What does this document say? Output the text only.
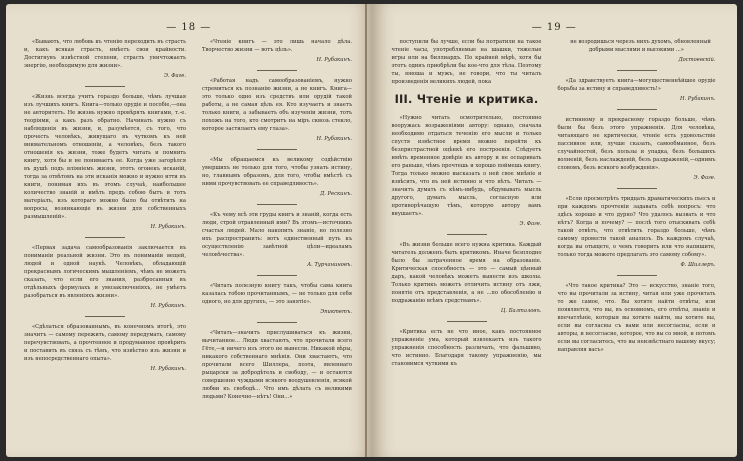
— 18 —

«Бывають, что любовь къ чтенію переходить въ страсть и, какъ всякая страсть, имѣетъ свои крайности. Достигнувъ извѣстной степени, страсть уничтожаетъ энергію, необходимую для жизни».

Э. Фаге.

«Жизнь всегда учитъ гораздо больше, чѣмъ лучшая изъ лучшихъ книгъ. Книга—только орудіе и пособіе,—она не авторитетъ. Не жизнь нужно провѣрять книгами, т.-е. теоріями, а какъ разъ обратно. Начинать нужно съ наблюденія въ жизни, и, разумѣется, съ того, что прочесть человѣкъ, живущаго въ чуткомъ къ ней внимательномъ отношеніи, а человѣкъ, безъ такого отношенія къ жизни, тоже будетъ читать и помнить книгу, хотя бы и не понимаетъ ее. Когда уже загорѣлся въ душѣ подъ вліяніемъ жизни, этотъ огонекъ исканій, тогда за отвѣтомъ на эти исканія можно и нужно итти въ книги, понимая ихъ въ этомъ случаѣ, наибольшее количество знаній и имѣть предъ собою бытъ и тотъ матеріалъ, изъ котораго можно было бы отвѣтить на вопросы, возникающіе въ жизни для собственныхъ размышленій».

Н. Рубакинъ.

«Первая задача самообразованія заключается въ пониманіи реальной жизни. Это въ пониманіи вещей, людей и одной наукѣ. Человѣкъ, обладающій прекраснымъ логическимъ мышленіемъ, чѣмъ не можетъ сказать, что если его знания, разбросанныя въ отдѣльныхъ формулахъ и умозаключеніяхъ, не умѣетъ разобраться въ явленіяхъ жизни».

Н. Рубакинъ.

«Сдѣлаться образованнымъ, въ конечномъ итогѣ, это значитъ — самому пережить, самому передумать, самому перечувствовать, а прочтенное и продуманное провѣрить и поставить въ связь съ тѣмъ, что извѣстно изъ жизни и изъ непосредственнаго опыта».

Н. Рубакинъ.

«Чтеніе книгъ — это лишь начало дѣла. Творчество жизни — вотъ цѣль».

Н. Рубакинъ.

«Работая надъ самообразованіемъ, нужно стремиться къ познанію жизни, а не книгъ. Книга—это только одно изъ средствъ или орудій такой работы, а не самая цѣль ея. Кто изучаетъ и знаетъ только книги, а забываетъ объ изученіи жизни, тотъ похожъ на того, кто смотритъ на міръ сквозь стекло, которое застилаетъ ему глаза».

Н. Рубакинъ.

«Мы обращаемся къ великому содѣйствію умершихъ не только для того, чтобы узнать истину, но, главнымъ образомъ, для того, чтобы вмѣстѣ съ ними прочувствовать ее справедливость».

Д. Рескинъ.

«Къ чему всѣ эти груды книгъ и знаній, когда есть люди, строй отравленный ими? Въ этомъ—источникъ счастья людей. Мало накопить знаніе, но полезно ихъ распространить: вотъ единственный путь къ осуществленію завѣтной цѣли—идеаламъ человѣчества».

А. Турчаниновъ.

«Читать полезную книгу такъ, чтобы сама книга казалась тобою прочитаннымъ, — не только для себя одного, но для другихъ, — это занятіе».

Эпиктетъ.

«Читать—значитъ прислушиваться къ жизни, вычитанное... Люди хвастаютъ, что прочитали всего Гёте,—и ничего изъ этого не вынесли. Никакой вѣры, никакого собственнаго мнѣнія. Они хвастаютъ, что прочитали всего Шиллера, поэта, явленнаго рыцарски за добродѣтель и свободу, — и остаются совершенно чуждыми всякого воодушевленія, всякой любви къ свободѣ... Что имъ дѣлать съ великими людьми? Конечно—нѣтъ! Они...»

— 19 —

поступили бы лучше, если бы потратили на такое чтеніе часы, употребляемые на шашки, тяжелые игры или на биллиардъ. По крайней мѣрѣ, хотя бы этотъ одинъ приобрѣли бы кое-что для тѣла. Поэтому ты, юноша и мужъ, не говори, что ты читалъ произведенія великихъ людей, пока

III. Чтеніе и критика.

«Нужно читать осмотрительно, постоянно вооружась возраженіями автору: однако, сначала необходимо отдаться теченію его мысли и только спустя извѣстное время можно перейти къ безпристрастной оцѣнкѣ его построенія. Слѣдуетъ имѣть временное довѣріе къ автору и не оспаривать его раньше, чѣмъ прочтешь и хорошо поймешь книгу. Тогда только можно высказать о ней свое мнѣніе и взвѣсить, что въ ней истинно и что нѣтъ. Читать — значитъ думать съ кѣмъ-нибудь, обдумывать мысль другого, думать мысль, согласную или противорѣчащую тѣмъ, которую автору вамъ внушаетъ».

Э. Фаге.

«Въ жизни больше всего нужна критика. Каждый читатель долженъ быть критикомъ. Иначе безплодно было бы затраченное время на образованіе. Критическая способность — это — самый цѣнный даръ, какой человѣкъ можетъ вынести изъ школы. Только критикъ можетъ отличить истину отъ лжи, понятіе отъ представленія, а не ...по обособленію и подражанію всѣмъ средствамъ».

Ц. Балталовъ.

«Критика есть не что иное, какъ постоянное упражненіе ума, который извлекаетъ изъ такого упражненія способность различать, что фальшиво, что истинно. Благодаря такому упражненію, мы становимся чуткими къ

не возродишься черезъ нихъ духомъ, обновленный добрыми мыслями и высокими ...»

Достоевскій.

«Да здравствуетъ книга—могущественнѣйшее орудіе борьбы за истину и справедливость!»

Н. Рубакинъ.

истинному и прекрасному гораздо больше, чѣмъ были бы безъ этого упражненія. Для человѣка, читающаго не критически, чтеніе есть удовольствіе пассивное или, лучше сказать, самообманное, безъ случайностей, безъ пользы и упадка, безъ большихъ волненій, безъ наслажденій, безъ раздраженій,—однимъ словомъ, безъ всякого возбужденія».

Э. Фаге.

«Если просмотрѣть тридцать драматическихъ пьесъ и при каждомъ прочтеніи задавать себѣ вопросъ: что здѣсь хорошо и что дурно? Что удалось вызвать и что нѣтъ? Когда и почему? — послѣ того отыскивать себѣ такой отвѣтъ, что отвѣтить гораздо больше, чѣмъ самому провести такой анализъ. Въ каждомъ случаѣ, когда вы отыщете, о чемъ говорить или что напишите, только тогда можете предлагать это самому собому».

Ф. Шиллеръ.

«Что такое критика? Это — искусство, знаніе того, что вы прочитали за истину, читая или уже прочитать то же самое, что. Вы хотите найти отвѣты, или появляется, что вы, въ основномъ, его отвѣты, знаніе и впечатлѣніе, которыя вы хотите найти, вы хотите вы, если вы согласны съ вами или несогласны, если и авторы, и несогласие, которое, что вы со мной, и потомъ если вы согласитесь, что вы неизвѣстнаго вашему вкусу; направляя васъ»
